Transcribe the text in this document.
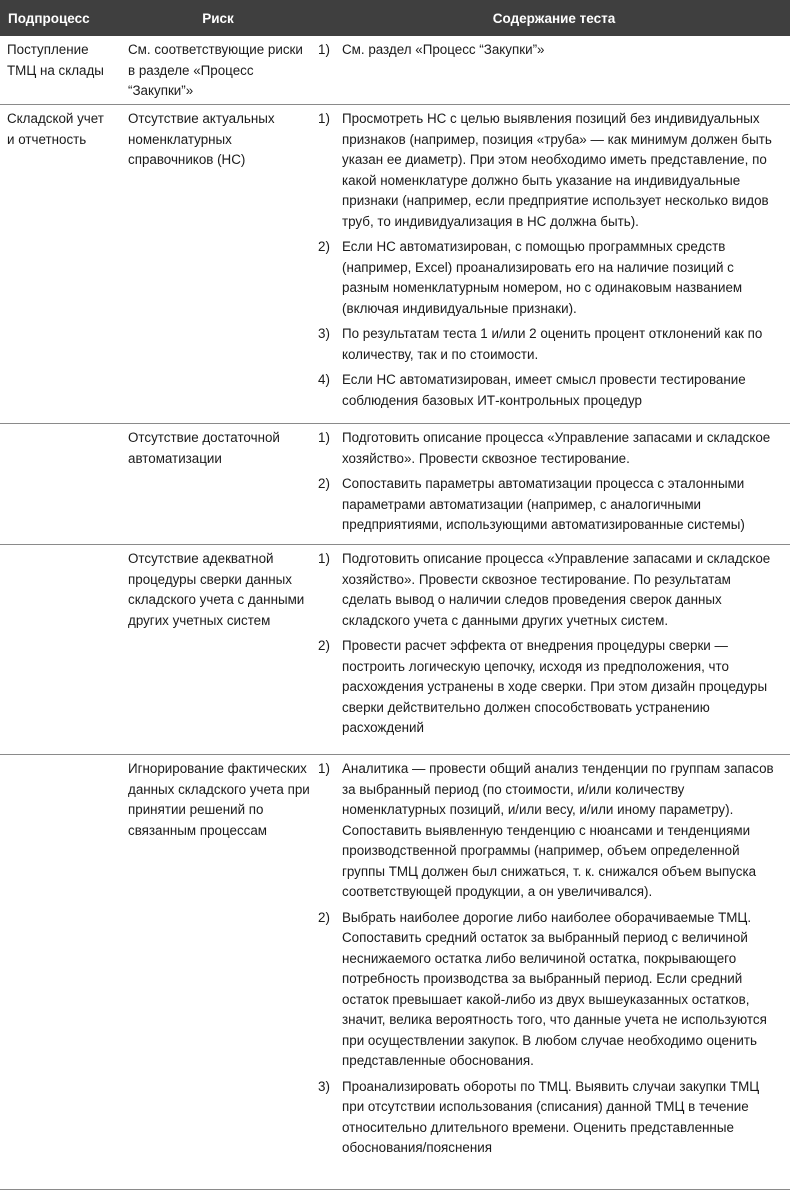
Подпроцесс	Риск	Содержание теста
Поступление ТМЦ на склады
См. соответствующие риски в разделе «Процесс “Закупки”»
1) См. раздел «Процесс “Закупки”»
Складской учет и отчетность
Отсутствие актуальных номенклатурных справочников (НС)
1) Просмотреть НС с целью выявления позиций без индивидуальных признаков (например, позиция «труба» — как минимум должен быть указан ее диаметр). При этом необходимо иметь представление, по какой номенклатуре должно быть указание на индивидуальные признаки (например, если предприятие использует несколько видов труб, то индивидуализация в НС должна быть).
2) Если НС автоматизирован, с помощью программных средств (например, Excel) проанализировать его на наличие позиций с разным номенклатурным номером, но с одинаковым названием (включая индивидуальные признаки).
3) По результатам теста 1 и/или 2 оценить процент отклонений как по количеству, так и по стоимости.
4) Если НС автоматизирован, имеет смысл провести тестирование соблюдения базовых ИТ-контрольных процедур
Отсутствие достаточной автоматизации
1) Подготовить описание процесса «Управление запасами и складское хозяйство». Провести сквозное тестирование.
2) Сопоставить параметры автоматизации процесса с эталонными параметрами автоматизации (например, с аналогичными предприятиями, использующими автоматизированные системы)
Отсутствие адекватной процедуры сверки данных складского учета с данными других учетных систем
1) Подготовить описание процесса «Управление запасами и складское хозяйство». Провести сквозное тестирование. По результатам сделать вывод о наличии следов проведения сверок данных складского учета с данными других учетных систем.
2) Провести расчет эффекта от внедрения процедуры сверки — построить логическую цепочку, исходя из предположения, что расхождения устранены в ходе сверки. При этом дизайн процедуры сверки действительно должен способствовать устранению расхождений
Игнорирование фактических данных складского учета при принятии решений по связанным процессам
1) Аналитика — провести общий анализ тенденции по группам запасов за выбранный период (по стоимости, и/или количеству номенклатурных позиций, и/или весу, и/или иному параметру). Сопоставить выявленную тенденцию с нюансами и тенденциями производственной программы (например, объем определенной группы ТМЦ должен был снижаться, т. к. снижался объем выпуска соответствующей продукции, а он увеличивался).
2) Выбрать наиболее дорогие либо наиболее оборачиваемые ТМЦ. Сопоставить средний остаток за выбранный период с величиной неснижаемого остатка либо величиной остатка, покрывающего потребность производства за выбранный период. Если средний остаток превышает какой-либо из двух вышеуказанных остатков, значит, велика вероятность того, что данные учета не используются при осуществлении закупок. В любом случае необходимо оценить представленные обоснования.
3) Проанализировать обороты по ТМЦ. Выявить случаи закупки ТМЦ при отсутствии использования (списания) данной ТМЦ в течение относительно длительного времени. Оценить представленные обоснования/пояснения
